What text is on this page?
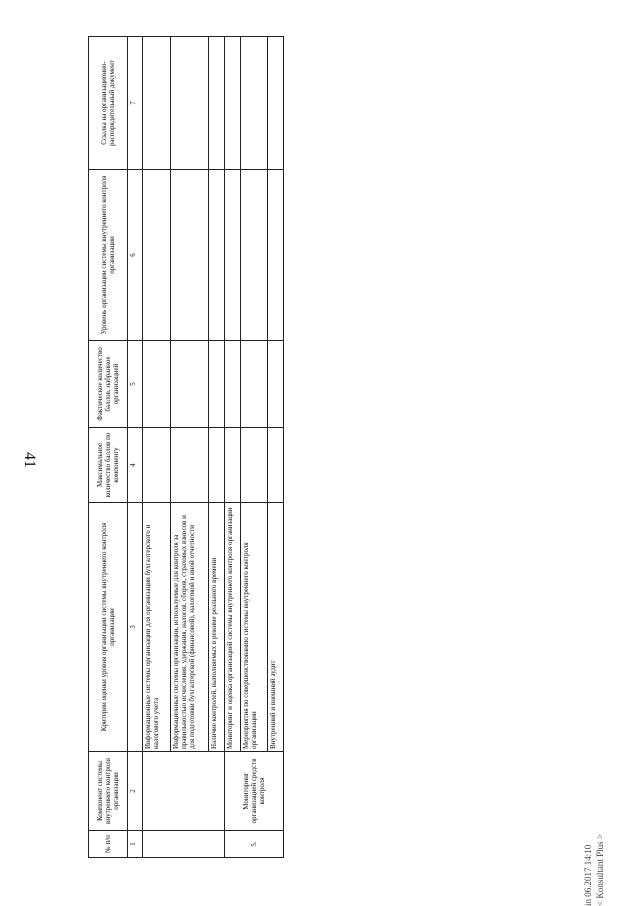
41
№ п/п	Компонент системы внутреннего контроля организации	Критерии оценки уровня организации системы внутреннего контроля организации	Максимальное количество баллов по компоненту	Фактическое количество баллов, набранное организацией	Уровень организации системы внутреннего контроля организации	Ссылка на организационно-распорядительный документ
1	2	3	4	5	6	7
		Информационные системы организации для организации бухгалтерского и налогового учета				
		Информационные системы организации, используемые для контроля за правильностью исчисления, удержания, налогов, сборов, страховых взносов и для подготовки бухгалтерской (финансовой), налоговой и иной отчетности				
		Наличие контролей, выполняемых в режиме реального времени				
5.	Мониторинг организацией средств контроля	Мониторинг и оценка организацией системы внутреннего контроля организации				
		Мероприятия по совершенствованию системы внутреннего контроля организации				
		Внутренний и внешний аудит				
in 06.2017 14:10 < Konsultant Plus >
